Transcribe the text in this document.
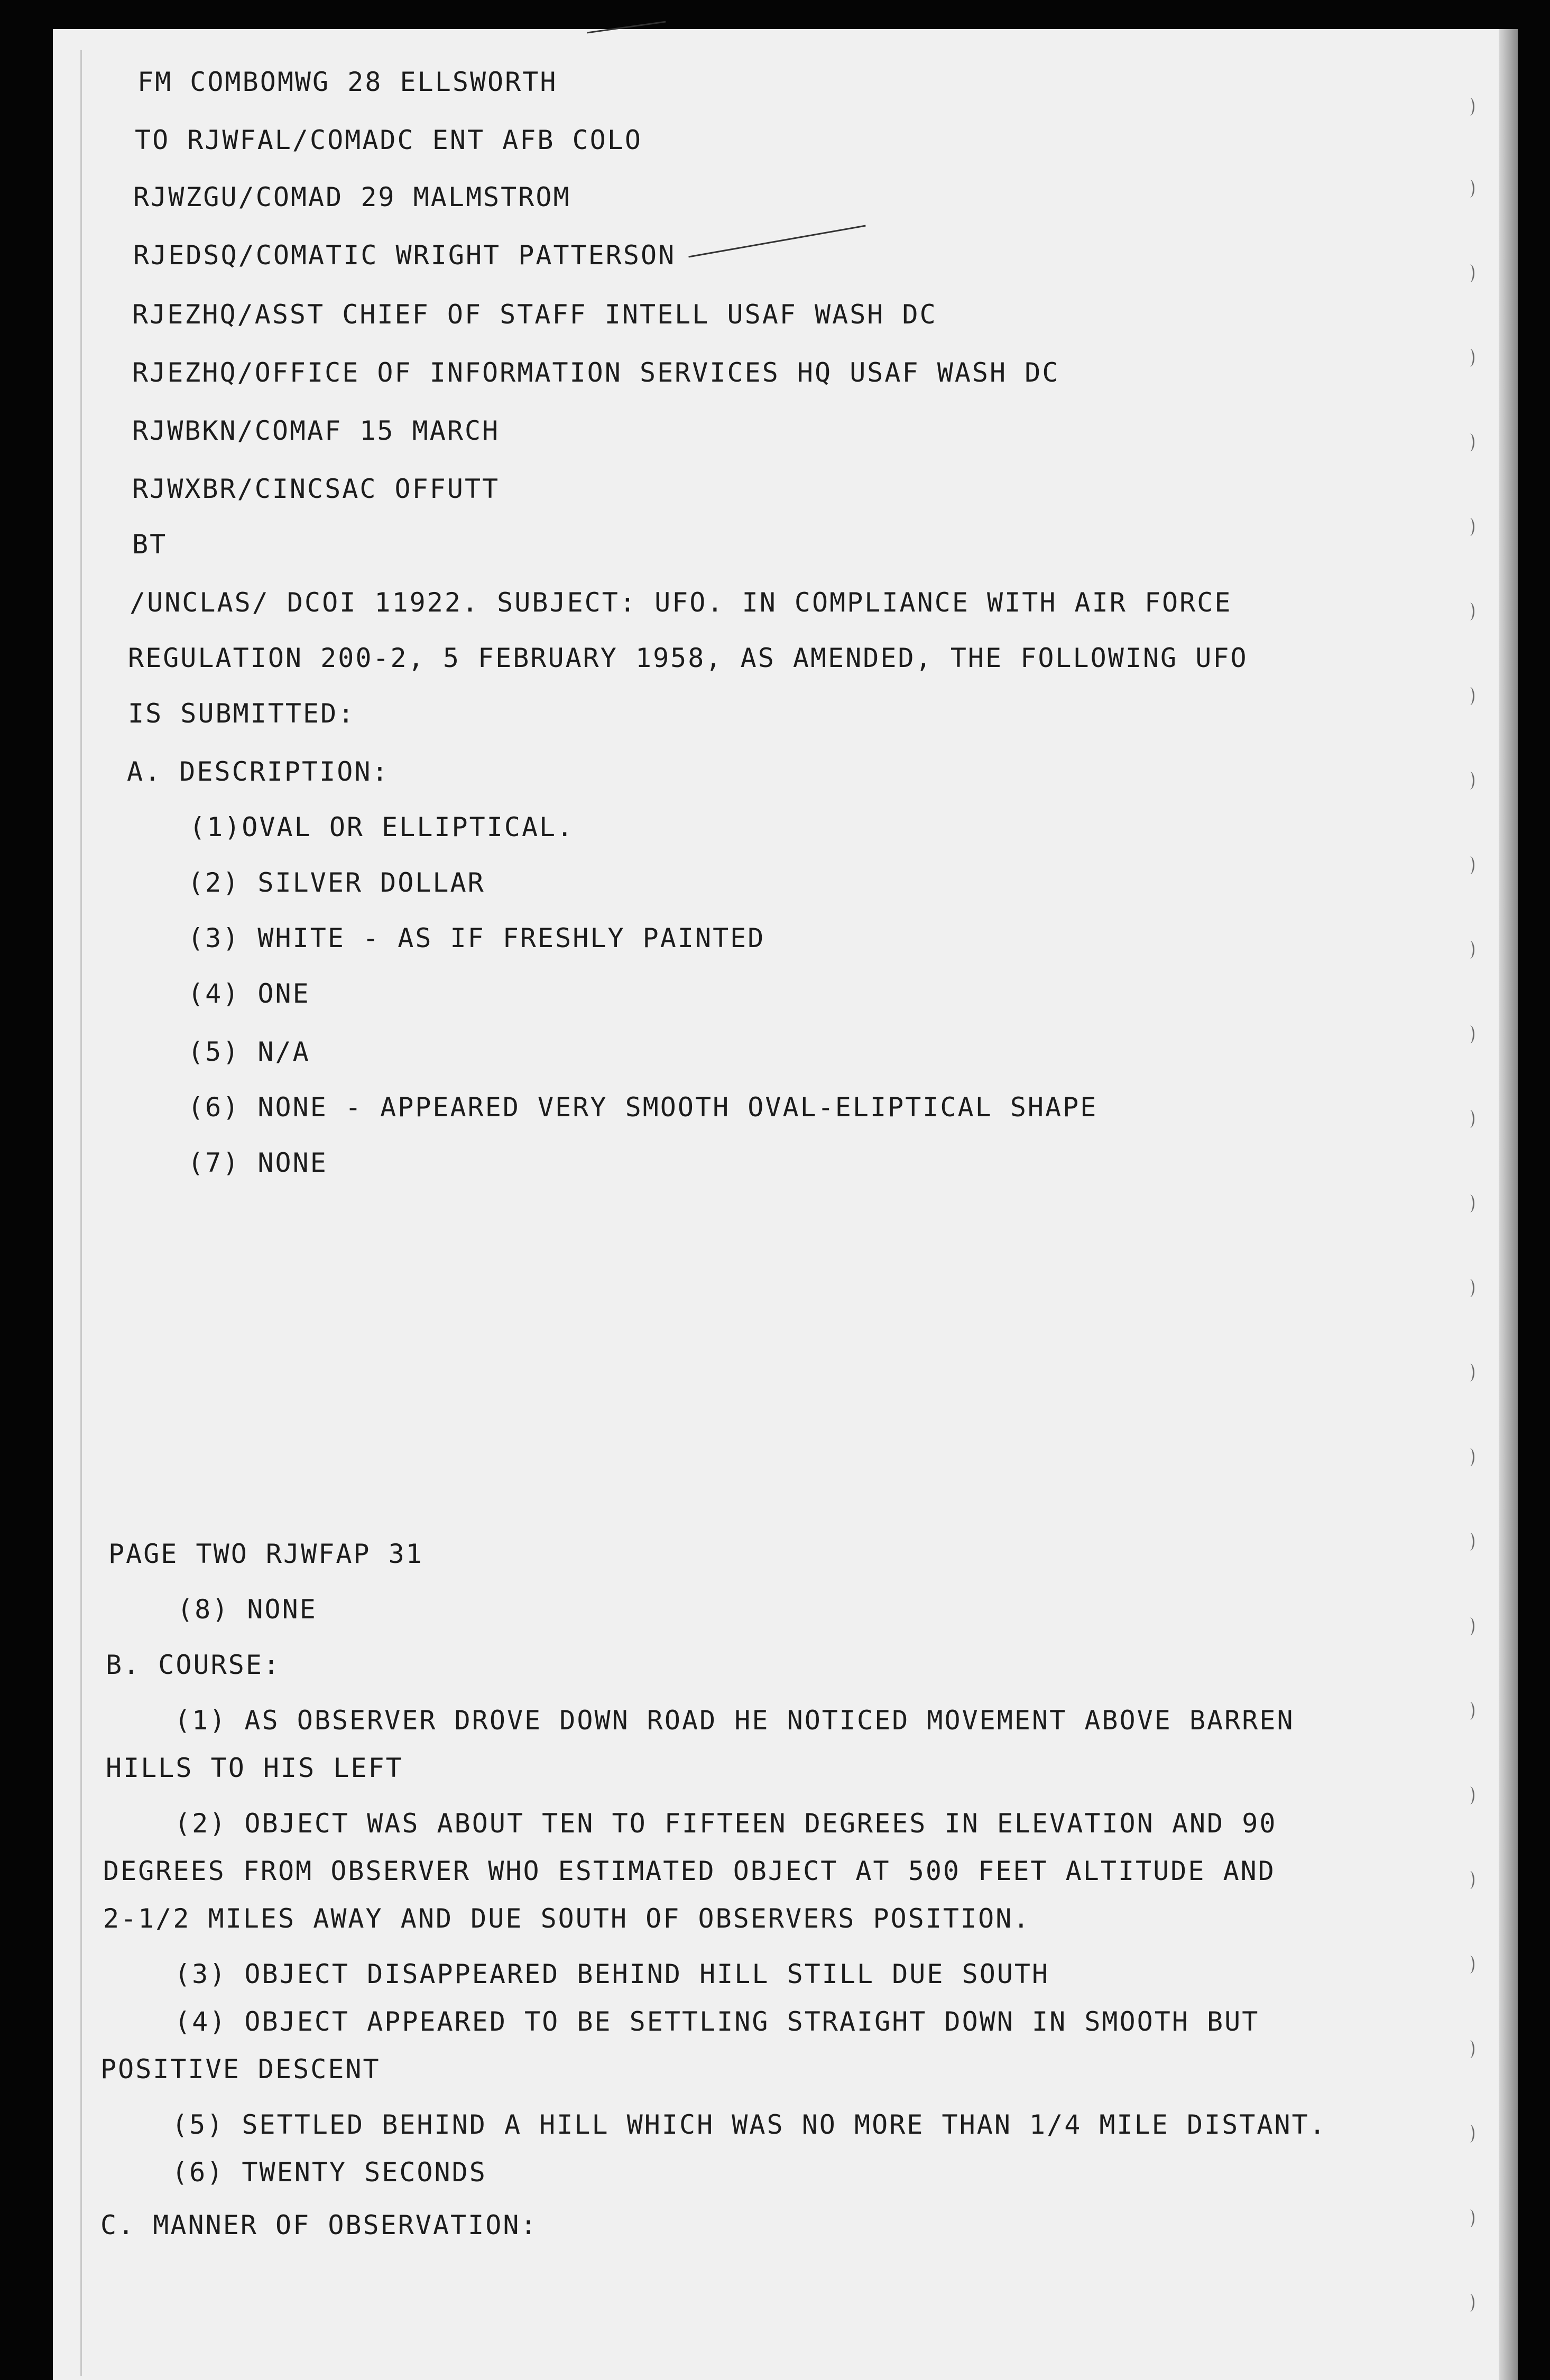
FM COMBOMWG 28 ELLSWORTH
TO RJWFAL/COMADC ENT AFB COLO
RJWZGU/COMAD 29 MALMSTROM
RJEDSQ/COMATIC WRIGHT PATTERSON
RJEZHQ/ASST CHIEF OF STAFF INTELL USAF WASH DC
RJEZHQ/OFFICE OF INFORMATION SERVICES HQ USAF WASH DC
RJWBKN/COMAF 15 MARCH
RJWXBR/CINCSAC OFFUTT
BT
/UNCLAS/ DCOI 11922. SUBJECT: UFO. IN COMPLIANCE WITH AIR FORCE
REGULATION 200-2, 5 FEBRUARY 1958, AS AMENDED, THE FOLLOWING UFO
IS SUBMITTED:
A. DESCRIPTION:
(1)OVAL OR ELLIPTICAL.
(2) SILVER DOLLAR
(3) WHITE - AS IF FRESHLY PAINTED
(4) ONE
(5) N/A
(6) NONE - APPEARED VERY SMOOTH OVAL-ELIPTICAL SHAPE
(7) NONE
PAGE TWO RJWFAP 31
(8) NONE
B. COURSE:
(1) AS OBSERVER DROVE DOWN ROAD HE NOTICED MOVEMENT ABOVE BARREN
HILLS TO HIS LEFT
(2) OBJECT WAS ABOUT TEN TO FIFTEEN DEGREES IN ELEVATION AND 90
DEGREES FROM OBSERVER WHO ESTIMATED OBJECT AT 500 FEET ALTITUDE AND
2-1/2 MILES AWAY AND DUE SOUTH OF OBSERVERS POSITION.
(3) OBJECT DISAPPEARED BEHIND HILL STILL DUE SOUTH
(4) OBJECT APPEARED TO BE SETTLING STRAIGHT DOWN IN SMOOTH BUT
POSITIVE DESCENT
(5) SETTLED BEHIND A HILL WHICH WAS NO MORE THAN 1/4 MILE DISTANT.
(6) TWENTY SECONDS
C. MANNER OF OBSERVATION:
